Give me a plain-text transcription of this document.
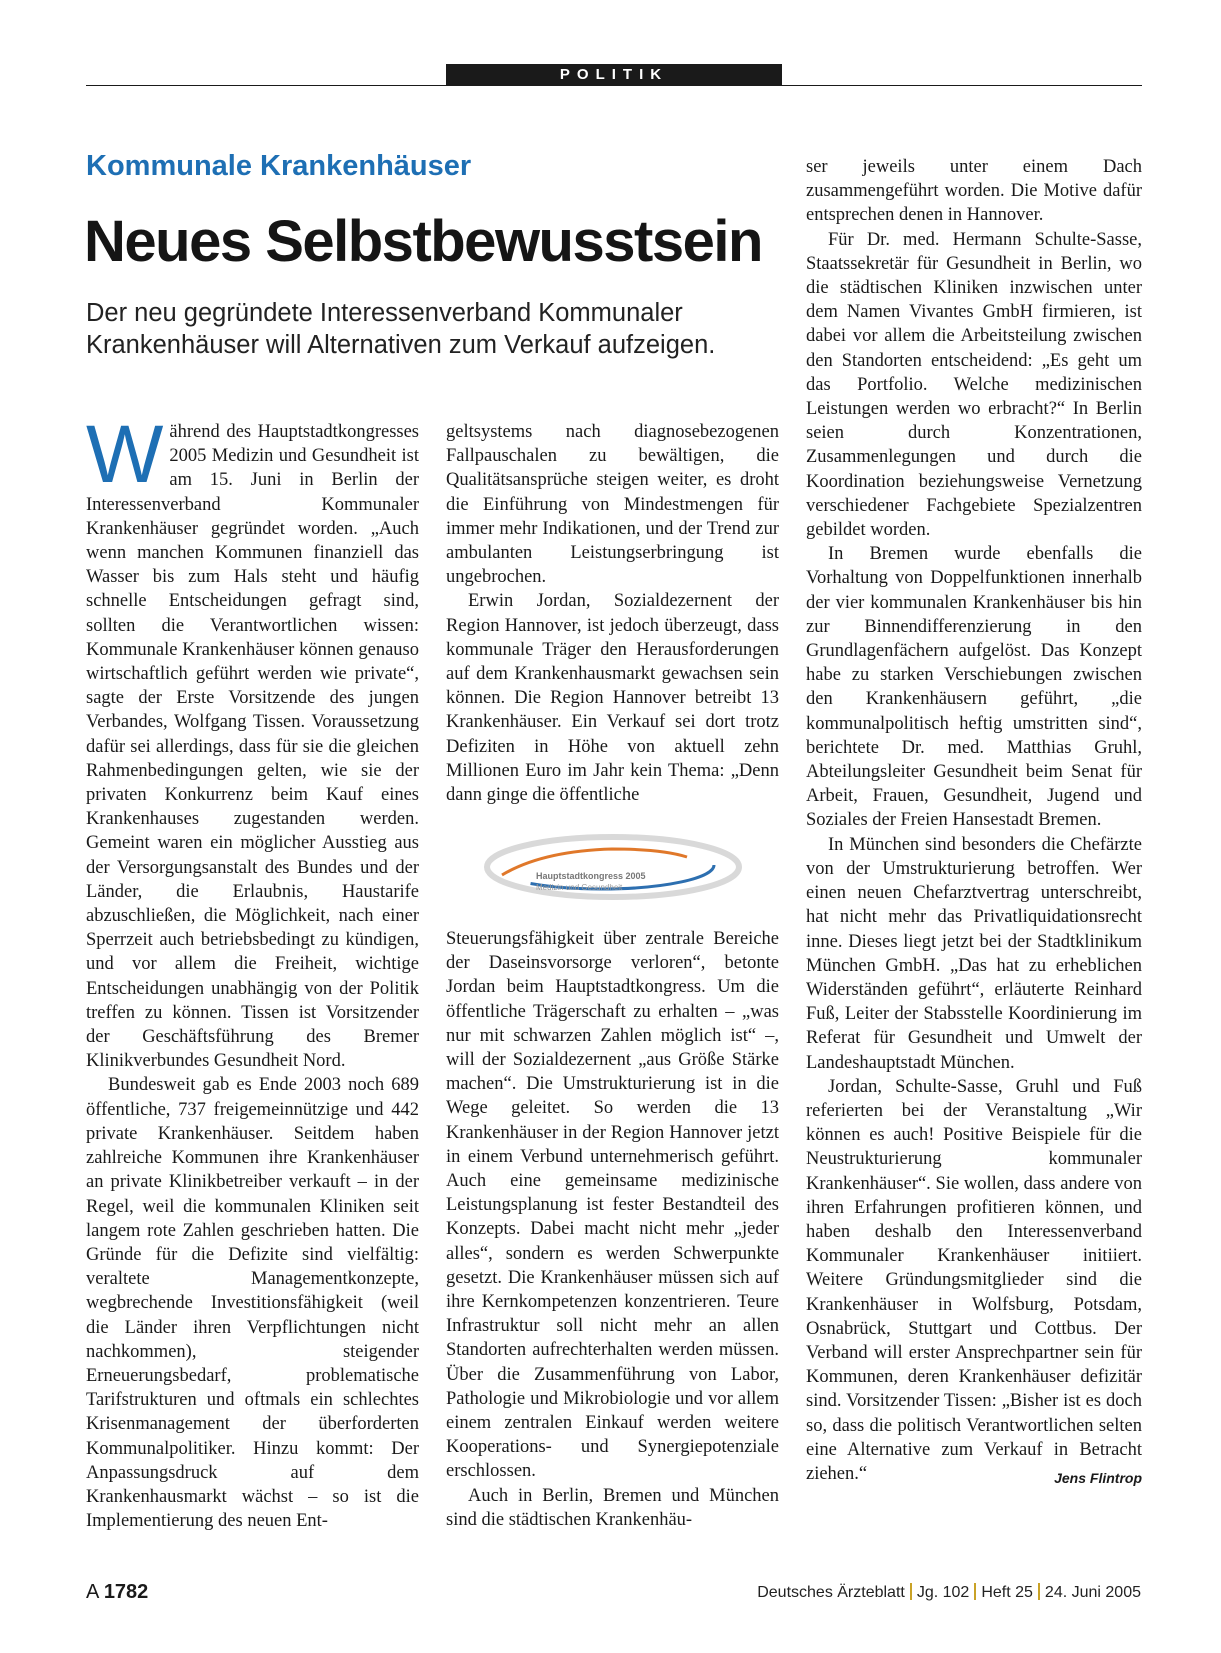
POLITIK
Kommunale Krankenhäuser
Neues Selbstbewusstsein
Der neu gegründete Interessenverband Kommunaler Krankenhäuser will Alternativen zum Verkauf aufzeigen.

Während des Hauptstadtkongresses 2005 Medizin und Gesundheit ist am 15. Juni in Berlin der Interessenverband Kommunaler Krankenhäuser gegründet worden. „Auch wenn manchen Kommunen finanziell das Wasser bis zum Hals steht und häufig schnelle Entscheidungen gefragt sind, sollten die Verantwortlichen wissen: Kommunale Krankenhäuser können genauso wirtschaftlich geführt werden wie private“, sagte der Erste Vorsitzende des jungen Verbandes, Wolfgang Tissen. Voraussetzung dafür sei allerdings, dass für sie die gleichen Rahmenbedingungen gelten, wie sie der privaten Konkurrenz beim Kauf eines Krankenhauses zugestanden werden. Gemeint waren ein möglicher Ausstieg aus der Versorgungsanstalt des Bundes und der Länder, die Erlaubnis, Haustarife abzuschließen, die Möglichkeit, nach einer Sperrzeit auch betriebsbedingt zu kündigen, und vor allem die Freiheit, wichtige Entscheidungen unabhängig von der Politik treffen zu können. Tissen ist Vorsitzender der Geschäftsführung des Bremer Klinikverbundes Gesundheit Nord.

Bundesweit gab es Ende 2003 noch 689 öffentliche, 737 freigemeinnützige und 442 private Krankenhäuser. Seitdem haben zahlreiche Kommunen ihre Krankenhäuser an private Klinikbetreiber verkauft – in der Regel, weil die kommunalen Kliniken seit langem rote Zahlen geschrieben hatten. Die Gründe für die Defizite sind vielfältig: veraltete Managementkonzepte, wegbrechende Investitionsfähigkeit (weil die Länder ihren Verpflichtungen nicht nachkommen), steigender Erneuerungsbedarf, problematische Tarifstrukturen und oftmals ein schlechtes Krisenmanagement der überforderten Kommunalpolitiker. Hinzu kommt: Der Anpassungsdruck auf dem Krankenhausmarkt wächst – so ist die Implementierung des neuen Ent-

geltsystems nach diagnosebezogenen Fallpauschalen zu bewältigen, die Qualitätsansprüche steigen weiter, es droht die Einführung von Mindestmengen für immer mehr Indikationen, und der Trend zur ambulanten Leistungserbringung ist ungebrochen.

Erwin Jordan, Sozialdezernent der Region Hannover, ist jedoch überzeugt, dass kommunale Träger den Herausforderungen auf dem Krankenhausmarkt gewachsen sein können. Die Region Hannover betreibt 13 Krankenhäuser. Ein Verkauf sei dort trotz Defiziten in Höhe von aktuell zehn Millionen Euro im Jahr kein Thema: „Denn dann ginge die öffentliche

Hauptstadtkongress 2005
Medizin und Gesundheit

Steuerungsfähigkeit über zentrale Bereiche der Daseinsvorsorge verloren“, betonte Jordan beim Hauptstadtkongress. Um die öffentliche Trägerschaft zu erhalten – „was nur mit schwarzen Zahlen möglich ist“ –, will der Sozialdezernent „aus Größe Stärke machen“. Die Umstrukturierung ist in die Wege geleitet. So werden die 13 Krankenhäuser in der Region Hannover jetzt in einem Verbund unternehmerisch geführt. Auch eine gemeinsame medizinische Leistungsplanung ist fester Bestandteil des Konzepts. Dabei macht nicht mehr „jeder alles“, sondern es werden Schwerpunkte gesetzt. Die Krankenhäuser müssen sich auf ihre Kernkompetenzen konzentrieren. Teure Infrastruktur soll nicht mehr an allen Standorten aufrechterhalten werden müssen. Über die Zusammenführung von Labor, Pathologie und Mikrobiologie und vor allem einem zentralen Einkauf werden weitere Kooperations- und Synergiepotenziale erschlossen.

Auch in Berlin, Bremen und München sind die städtischen Krankenhäu-

ser jeweils unter einem Dach zusammengeführt worden. Die Motive dafür entsprechen denen in Hannover.

Für Dr. med. Hermann Schulte-Sasse, Staatssekretär für Gesundheit in Berlin, wo die städtischen Kliniken inzwischen unter dem Namen Vivantes GmbH firmieren, ist dabei vor allem die Arbeitsteilung zwischen den Standorten entscheidend: „Es geht um das Portfolio. Welche medizinischen Leistungen werden wo erbracht?“ In Berlin seien durch Konzentrationen, Zusammenlegungen und durch die Koordination beziehungsweise Vernetzung verschiedener Fachgebiete Spezialzentren gebildet worden.

In Bremen wurde ebenfalls die Vorhaltung von Doppelfunktionen innerhalb der vier kommunalen Krankenhäuser bis hin zur Binnendifferenzierung in den Grundlagenfächern aufgelöst. Das Konzept habe zu starken Verschiebungen zwischen den Krankenhäusern geführt, „die kommunalpolitisch heftig umstritten sind“, berichtete Dr. med. Matthias Gruhl, Abteilungsleiter Gesundheit beim Senat für Arbeit, Frauen, Gesundheit, Jugend und Soziales der Freien Hansestadt Bremen.

In München sind besonders die Chefärzte von der Umstrukturierung betroffen. Wer einen neuen Chefarztvertrag unterschreibt, hat nicht mehr das Privatliquidationsrecht inne. Dieses liegt jetzt bei der Stadtklinikum München GmbH. „Das hat zu erheblichen Widerständen geführt“, erläuterte Reinhard Fuß, Leiter der Stabsstelle Koordinierung im Referat für Gesundheit und Umwelt der Landeshauptstadt München.

Jordan, Schulte-Sasse, Gruhl und Fuß referierten bei der Veranstaltung „Wir können es auch! Positive Beispiele für die Neustrukturierung kommunaler Krankenhäuser“. Sie wollen, dass andere von ihren Erfahrungen profitieren können, und haben deshalb den Interessenverband Kommunaler Krankenhäuser initiiert. Weitere Gründungsmitglieder sind die Krankenhäuser in Wolfsburg, Potsdam, Osnabrück, Stuttgart und Cottbus. Der Verband will erster Ansprechpartner sein für Kommunen, deren Krankenhäuser defizitär sind. Vorsitzender Tissen: „Bisher ist es doch so, dass die politisch Verantwortlichen selten eine Alternative zum Verkauf in Betracht ziehen.“	Jens Flintrop

A 1782	Deutsches Ärzteblatt Jg. 102 Heft 25 24. Juni 2005
